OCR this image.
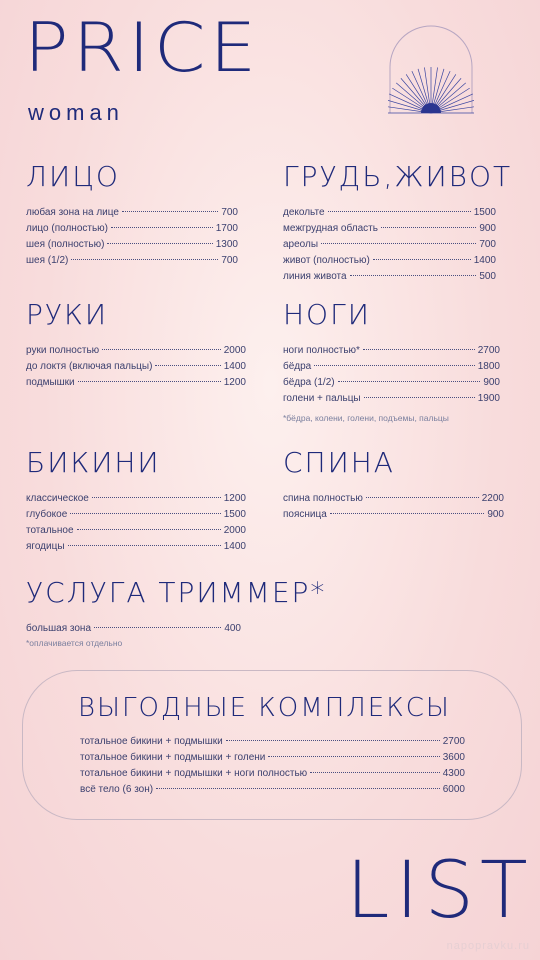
PRICE
woman
ЛИЦО
любая зона на лице	700
лицо (полностью)	1700
шея (полностью)	1300
шея (1/2)	700
ГРУДЬ,ЖИВОТ
декольте	1500
межгрудная область	900
ареолы	700
живот (полностью)	1400
линия живота	500
РУКИ
руки полностью	2000
до локтя (включая пальцы)	1400
подмышки	1200
НОГИ
ноги полностью*	2700
бёдра	1800
бёдра (1/2)	900
голени + пальцы	1900
*бёдра, колени, голени, подъемы, пальцы
БИКИНИ
классическое	1200
глубокое	1500
тотальное	2000
ягодицы	1400
СПИНА
спина полностью	2200
поясница	900
УСЛУГА ТРИММЕР*
большая зона	400
*оплачивается отдельно
ВЫГОДНЫЕ КОМПЛЕКСЫ
тотальное бикини + подмышки	2700
тотальное бикини + подмышки + голени	3600
тотальное бикини + подмышки + ноги полностью	4300
всё тело (6 зон)	6000
LIST
napopravku.ru
